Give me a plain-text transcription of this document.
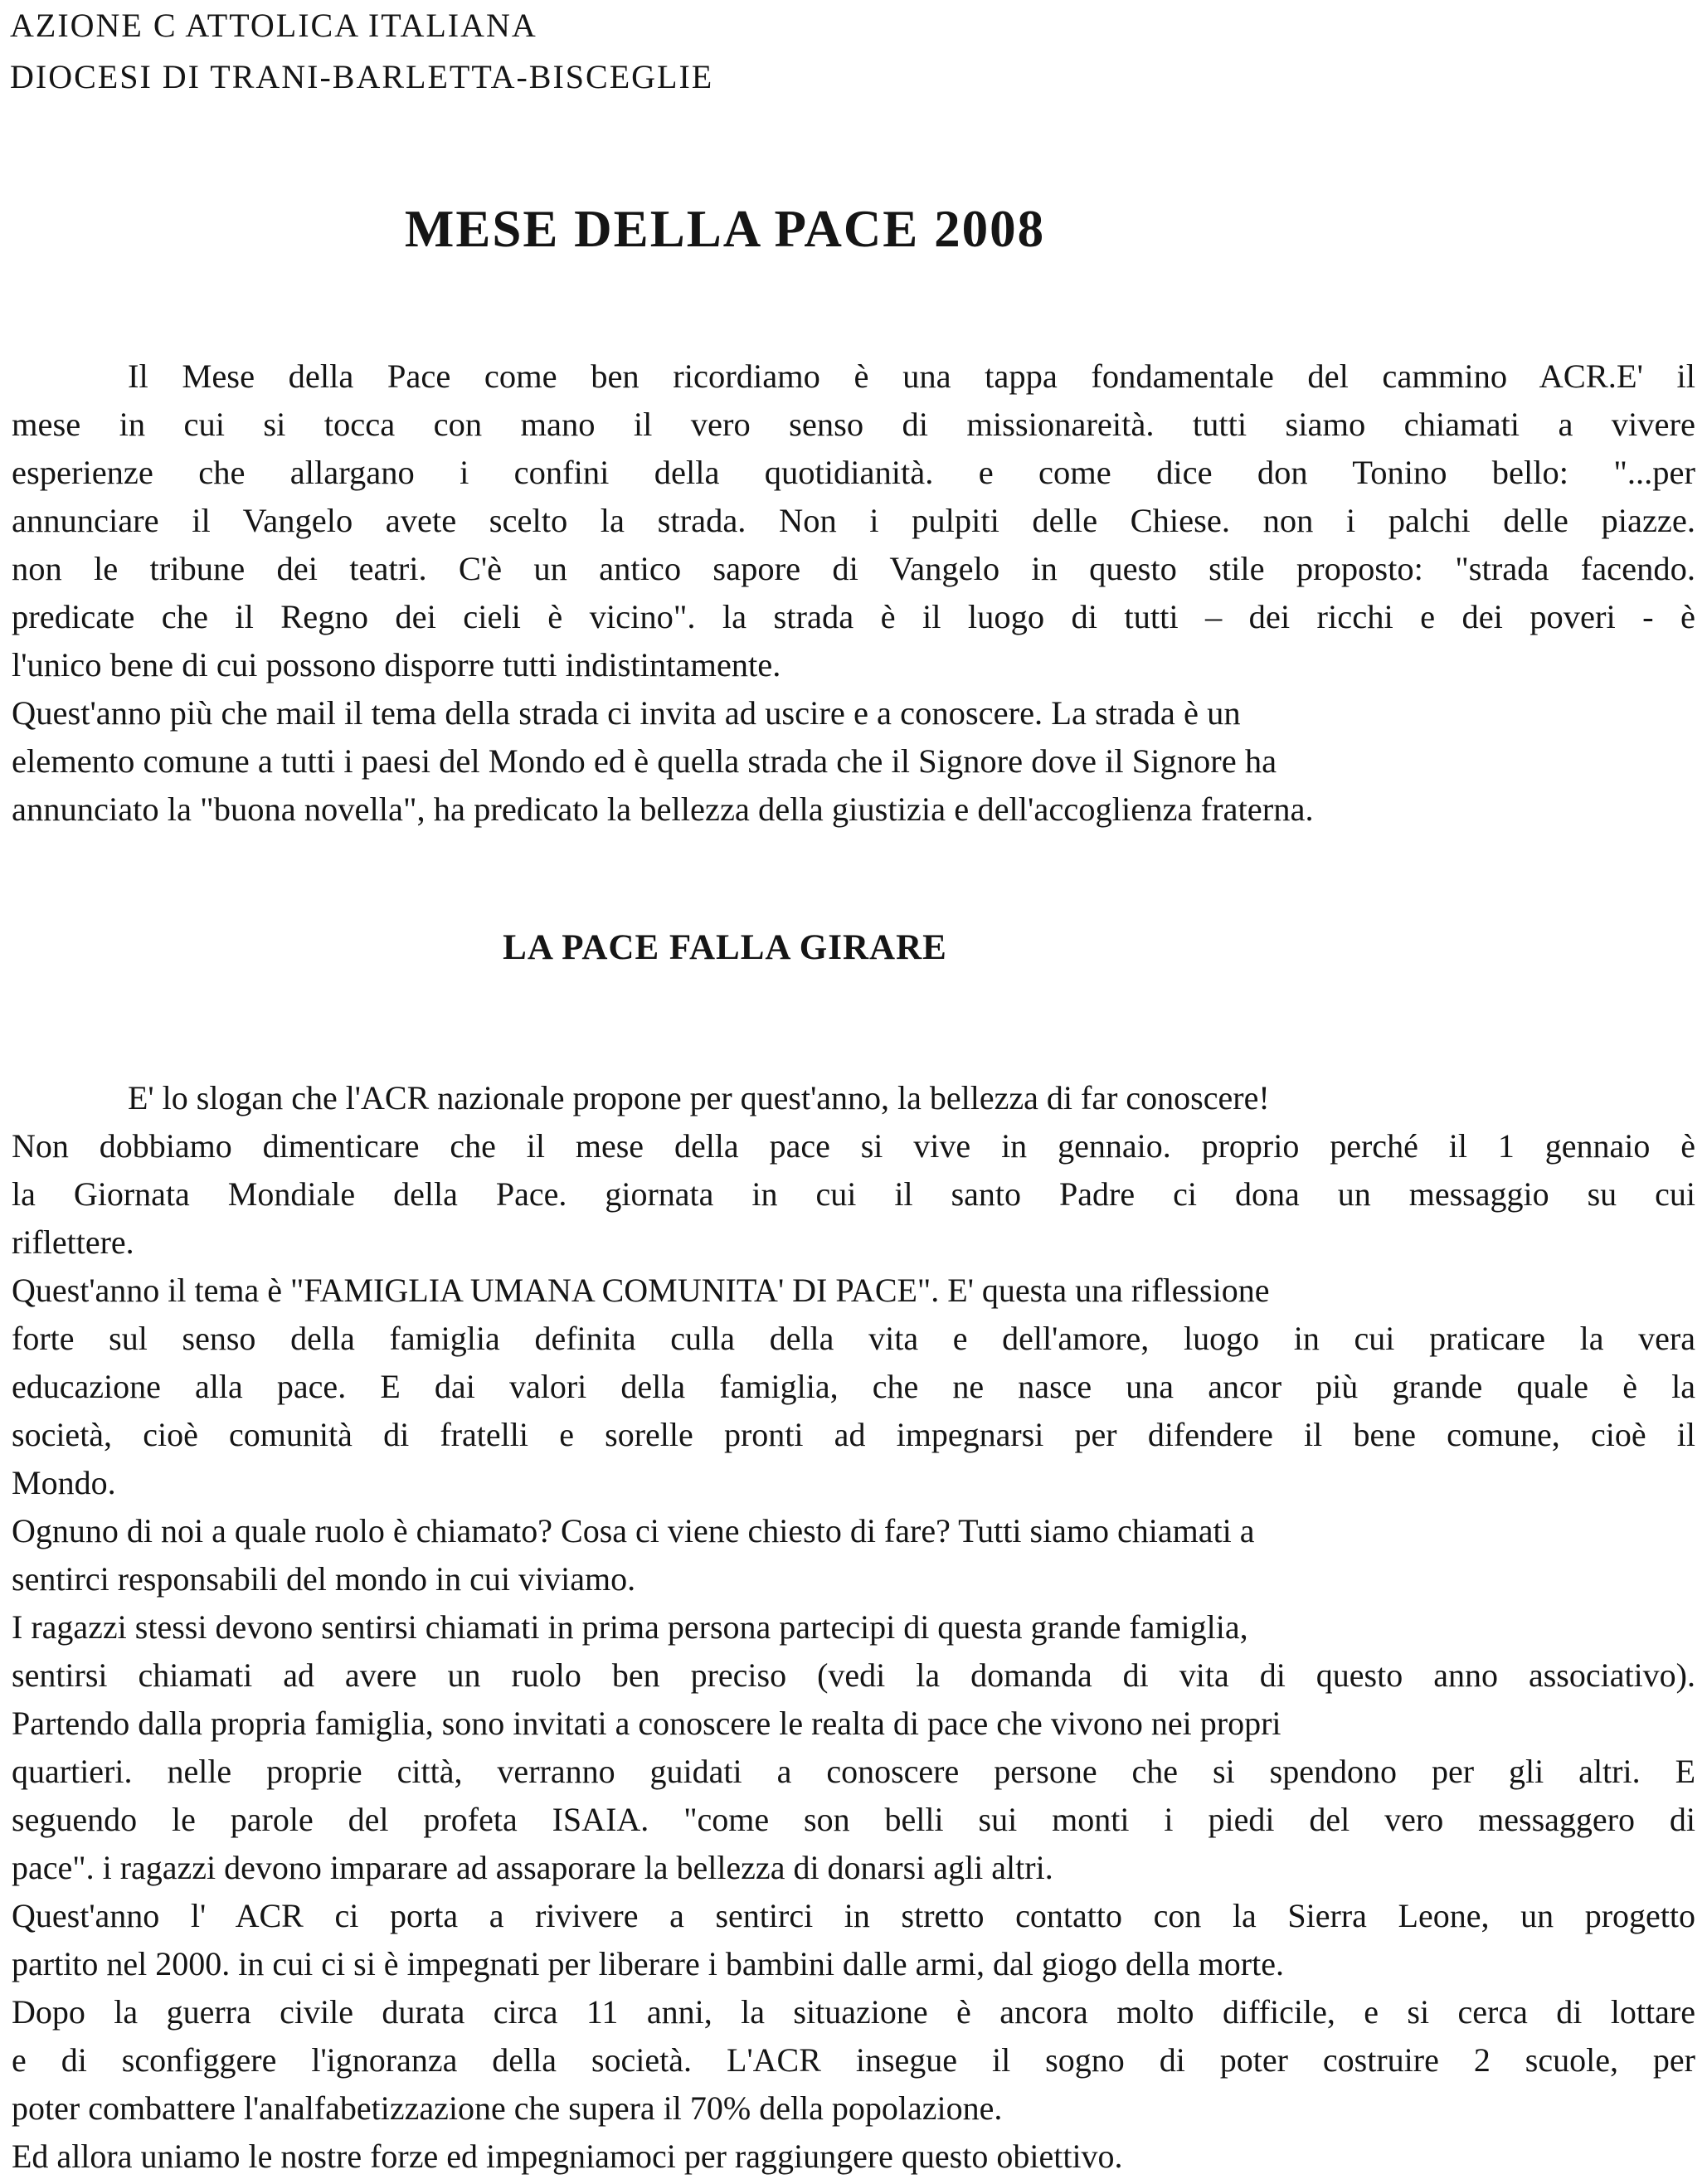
AZIONE C ATTOLICA ITALIANA
DIOCESI DI TRANI-BARLETTA-BISCEGLIE
MESE DELLA PACE 2008
Il Mese della Pace come ben ricordiamo è una tappa fondamentale del cammino ACR.E' il
mese in cui si tocca con mano il vero senso di missionareità. tutti siamo chiamati a vivere
esperienze che allargano i confini della quotidianità. e come dice don Tonino bello: "...per
annunciare il Vangelo avete scelto la strada. Non i pulpiti delle Chiese. non i palchi delle piazze.
non le tribune dei teatri. C'è un antico sapore di Vangelo in questo stile proposto: "strada facendo.
predicate che il Regno dei cieli è vicino". la strada è il luogo di tutti – dei ricchi e dei poveri - è
l'unico bene di cui possono disporre tutti indistintamente.
Quest'anno più che mail il tema della strada ci invita ad uscire e a conoscere. La strada è un
elemento comune a tutti i paesi del Mondo ed è quella strada che il Signore dove il Signore ha
annunciato la "buona novella", ha predicato la bellezza della giustizia e dell'accoglienza fraterna.
LA PACE FALLA GIRARE
E' lo slogan che l'ACR nazionale propone per quest'anno, la bellezza di far conoscere!
Non dobbiamo dimenticare che il mese della pace si vive in gennaio. proprio perché il 1 gennaio è
la Giornata Mondiale della Pace. giornata in cui il santo Padre ci dona un messaggio su cui
riflettere.
Quest'anno il tema è "FAMIGLIA UMANA COMUNITA' DI PACE". E' questa una riflessione
forte sul senso della famiglia definita culla della vita e dell'amore, luogo in cui praticare la vera
educazione alla pace. E dai valori della famiglia, che ne nasce una ancor più grande quale è la
società, cioè comunità di fratelli e sorelle pronti ad impegnarsi per difendere il bene comune, cioè il
Mondo.
Ognuno di noi a quale ruolo è chiamato? Cosa ci viene chiesto di fare? Tutti siamo chiamati a
sentirci responsabili del mondo in cui viviamo.
I ragazzi stessi devono sentirsi chiamati in prima persona partecipi di questa grande famiglia,
sentirsi chiamati ad avere un ruolo ben preciso (vedi la domanda di vita di questo anno associativo).
Partendo dalla propria famiglia, sono invitati a conoscere le realta di pace che vivono nei propri
quartieri. nelle proprie città, verranno guidati a conoscere persone che si spendono per gli altri. E
seguendo le parole del profeta ISAIA. "come son belli sui monti i piedi del vero messaggero di
pace". i ragazzi devono imparare ad assaporare la bellezza di donarsi agli altri.
Quest'anno l' ACR ci porta a rivivere a sentirci in stretto contatto con la Sierra Leone, un progetto
partito nel 2000. in cui ci si è impegnati per liberare i bambini dalle armi, dal giogo della morte.
Dopo la guerra civile durata circa 11 anni, la situazione è ancora molto difficile, e si cerca di lottare
e di sconfiggere l'ignoranza della società. L'ACR insegue il sogno di poter costruire 2 scuole, per
poter combattere l'analfabetizzazione che supera il 70% della popolazione.
Ed allora uniamo le nostre forze ed impegniamoci per raggiungere questo obiettivo.
